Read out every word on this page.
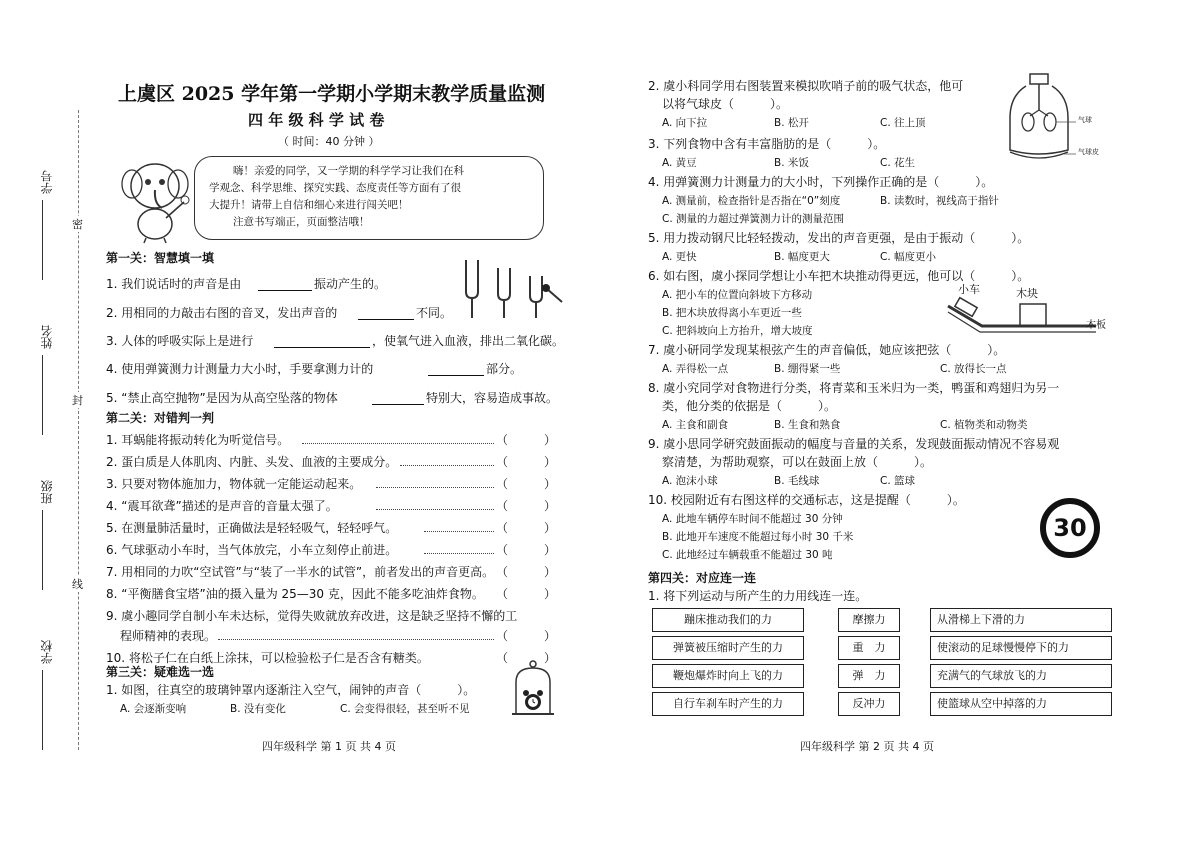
学号
姓名
班级
学校
密
封
线
上虞区 2025 学年第一学期小学期末教学质量监测
四 年 级 科 学 试 卷
（ 时间：40 分钟 ）
嗨！亲爱的同学，又一学期的科学学习让我们在科
学观念、科学思维、探究实践、态度责任等方面有了很
大提升！请带上自信和细心来进行闯关吧！
注意书写端正，页面整洁哦！
第一关：智慧填一填
1. 我们说话时的声音是由	振动产生的。
2. 用相同的力敲击右图的音叉，发出声音的	不同。
3. 人体的呼吸实际上是进行	，使氧气进入血液，排出二氧化碳。
4. 使用弹簧测力计测量力大小时，手要拿测力计的	部分。
5. “禁止高空抛物”是因为从高空坠落的物体	特别大，容易造成事故。
第二关：对错判一判
1. 耳蜗能将振动转化为听觉信号。	（　　　）
2. 蛋白质是人体肌肉、内脏、头发、血液的主要成分。	（　　　）
3. 只要对物体施加力，物体就一定能运动起来。	（　　　）
4. “震耳欲聋”描述的是声音的音量太强了。	（　　　）
5. 在测量肺活量时，正确做法是轻轻吸气，轻轻呼气。	（　　　）
6. 气球驱动小车时，当气体放完，小车立刻停止前进。	（　　　）
7. 用相同的力吹“空试管”与“装了一半水的试管”，前者发出的声音更高。 （　　　）
8. “平衡膳食宝塔”油的摄入量为 25—30 克，因此不能多吃油炸食物。 （　　　）
9. 虞小趣同学自制小车未达标，觉得失败就放弃改进，这是缺乏坚持不懈的工
程师精神的表现。	（　　　）
10. 将松子仁在白纸上涂抹，可以检验松子仁是否含有糖类。	（　　　）
第三关：疑难选一选
1. 如图，往真空的玻璃钟罩内逐渐注入空气，闹钟的声音（　　　）。
A. 会逐渐变响	B. 没有变化	C. 会变得很轻，甚至听不见
四年级科学 第 1 页 共 4 页
2. 虞小科同学用右图装置来模拟吹哨子前的吸气状态，他可
以将气球皮（　　　）。
A. 向下拉	B. 松开	C. 往上顶	气球
气球皮
3. 下列食物中含有丰富脂肪的是（　　　）。
A. 黄豆	B. 米饭	C. 花生
4. 用弹簧测力计测量力的大小时，下列操作正确的是（　　　）。
A. 测量前，检查指针是否指在“0”刻度	B. 读数时，视线高于指针
C. 测量的力超过弹簧测力计的测量范围
5. 用力拨动钢尺比轻轻拨动，发出的声音更强，是由于振动（　　　）。
A. 更快	B. 幅度更大	C. 幅度更小
6. 如右图，虞小探同学想让小车把木块推动得更远，他可以（　　　）。
A. 把小车的位置向斜坡下方移动
B. 把木块放得离小车更近一些
C. 把斜坡向上方抬升，增大坡度
小车	木块
木板
7. 虞小研同学发现某根弦产生的声音偏低，她应该把弦（　　　）。
A. 弄得松一点	B. 绷得紧一些	C. 放得长一点
8. 虞小究同学对食物进行分类，将青菜和玉米归为一类，鸭蛋和鸡翅归为另一
类，他分类的依据是（　　　）。
A. 主食和副食	B. 生食和熟食	C. 植物类和动物类
9. 虞小思同学研究鼓面振动的幅度与音量的关系，发现鼓面振动情况不容易观
察清楚，为帮助观察，可以在鼓面上放（　　　）。
A. 泡沫小球	B. 毛线球	C. 篮球
10. 校园附近有右图这样的交通标志，这是提醒（　　　）。
A. 此地车辆停车时间不能超过 30 分钟
B. 此地开车速度不能超过每小时 30 千米
C. 此地经过车辆载重不能超过 30 吨
30
第四关：对应连一连
1. 将下列运动与所产生的力用线连一连。
蹦床推动我们的力
弹簧被压缩时产生的力
鞭炮爆炸时向上飞的力
自行车刹车时产生的力
摩擦力
重　力
弹　力
反冲力
从滑梯上下滑的力
使滚动的足球慢慢停下的力
充满气的气球放飞的力
使篮球从空中掉落的力
四年级科学 第 2 页 共 4 页
